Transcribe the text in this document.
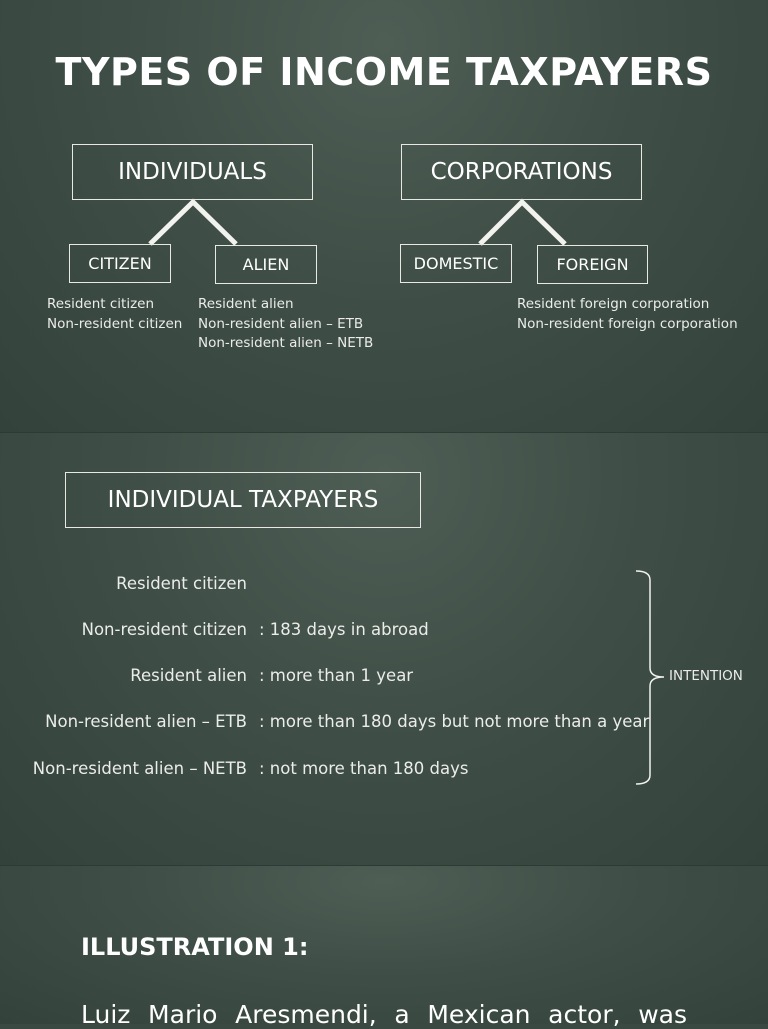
TYPES OF INCOME TAXPAYERS
INDIVIDUALS	CORPORATIONS
CITIZEN	ALIEN	DOMESTIC	FOREIGN
Resident citizen
Non-resident citizen
Resident alien
Non-resident alien – ETB
Non-resident alien – NETB
Resident foreign corporation
Non-resident foreign corporation
INDIVIDUAL TAXPAYERS
Resident citizen
Non-resident citizen : 183 days in abroad
Resident alien : more than 1 year
Non-resident alien – ETB : more than 180 days but not more than a year
Non-resident alien – NETB : not more than 180 days
INTENTION
ILLUSTRATION 1:
Luiz Mario Aresmendi, a Mexican actor, was
